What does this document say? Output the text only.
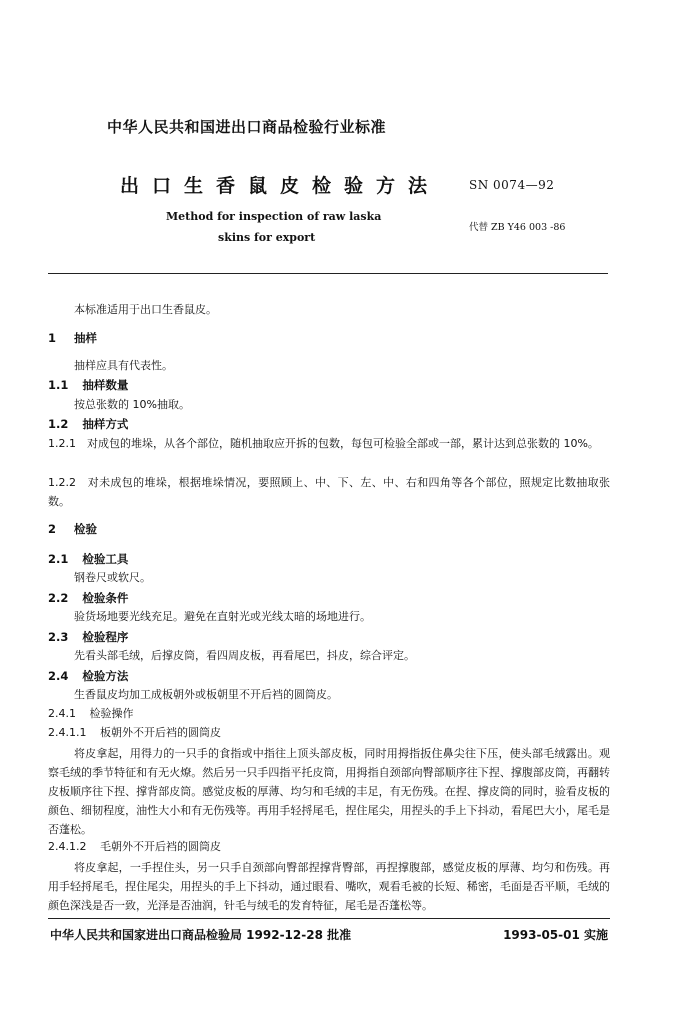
中华人民共和国进出口商品检验行业标准
出口生香鼠皮检验方法 SN 0074—92
Method for inspection of raw laska
skins for export
代替 ZB Y46 003 -86
本标准适用于出口生香鼠皮。
1 抽样
抽样应具有代表性。
1.1 抽样数量
按总张数的 10%抽取。
1.2 抽样方式
1.2.1　对成包的堆垛，从各个部位，随机抽取应开拆的包数，每包可检验全部或一部，累计达到总张数的 10%。
1.2.2　对未成包的堆垛，根据堆垛情况，要照顾上、中、下、左、中、右和四角等各个部位，照规定比数抽取张数。
2 检验
2.1 检验工具
钢卷尺或软尺。
2.2 检验条件
验货场地要光线充足。避免在直射光或光线太暗的场地进行。
2.3 检验程序
先看头部毛绒，后撑皮筒，看四周皮板，再看尾巴，抖皮，综合评定。
2.4 检验方法
生香鼠皮均加工成板朝外或板朝里不开后裆的圆筒皮。
2.4.1 检验操作
2.4.1.1 板朝外不开后裆的圆筒皮
将皮拿起，用得力的一只手的食指或中指往上顶头部皮板，同时用拇指扳住鼻尖往下压，使头部毛绒露出。观察毛绒的季节特征和有无火燎。然后另一只手四指平托皮筒，用拇指自颈部向臀部顺序往下捏、撑腹部皮筒，再翻转皮板顺序往下捏、撑背部皮筒。感觉皮板的厚薄、均匀和毛绒的丰足，有无伤残。在捏、撑皮筒的同时，验看皮板的颜色、细韧程度，油性大小和有无伤残等。再用手轻捋尾毛，捏住尾尖，用捏头的手上下抖动，看尾巴大小，尾毛是否蓬松。
2.4.1.2 毛朝外不开后裆的圆筒皮
将皮拿起，一手捏住头，另一只手自颈部向臀部捏撑背臀部，再捏撑腹部，感觉皮板的厚薄、均匀和伤残。再用手轻捋尾毛，捏住尾尖，用捏头的手上下抖动，通过眼看、嘴吹，观看毛被的长短、稀密，毛面是否平顺，毛绒的颜色深浅是否一致，光泽是否油润，针毛与绒毛的发育特征，尾毛是否蓬松等。
中华人民共和国家进出口商品检验局 1992-12-28 批准	1993-05-01 实施
